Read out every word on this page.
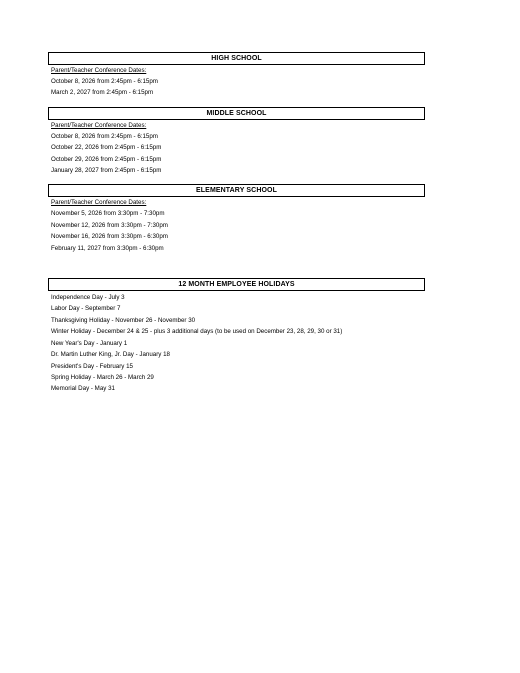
HIGH SCHOOL
Parent/Teacher Conference Dates:
October 8, 2026 from 2:45pm - 6:15pm
March 2, 2027 from 2:45pm - 6:15pm
MIDDLE SCHOOL
Parent/Teacher Conference Dates:
October 8, 2026 from 2:45pm - 6:15pm
October 22, 2026 from 2:45pm - 6:15pm
October 29, 2026 from 2:45pm - 6:15pm
January 28, 2027 from 2:45pm - 6:15pm
ELEMENTARY SCHOOL
Parent/Teacher Conference Dates:
November 5, 2026 from 3:30pm - 7:30pm
November 12, 2026 from 3:30pm - 7:30pm
November 16, 2026 from 3:30pm - 6:30pm
February 11, 2027 from 3:30pm - 6:30pm
12 MONTH EMPLOYEE HOLIDAYS
Independence Day - July 3
Labor Day - September 7
Thanksgiving Holiday - November 26 - November 30
Winter Holiday - December 24 & 25 - plus 3 additional days (to be used on December 23, 28, 29, 30 or 31)
New Year's Day - January 1
Dr. Martin Luther King, Jr. Day - January 18
President's Day - February 15
Spring Holiday - March 26 - March 29
Memorial Day - May 31
